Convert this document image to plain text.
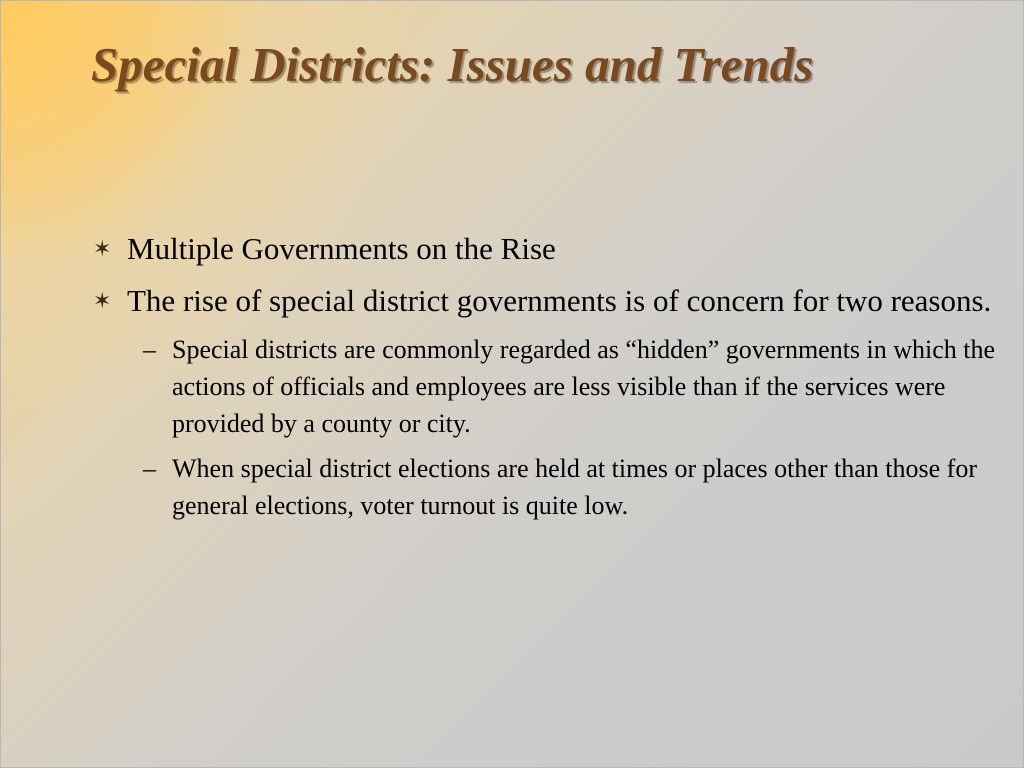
Special Districts: Issues and Trends
✶ Multiple Governments on the Rise
✶ The rise of special district governments is of concern for two reasons.
– Special districts are commonly regarded as “hidden” governments in which the actions of officials and employees are less visible than if the services were provided by a county or city.
– When special district elections are held at times or places other than those for general elections, voter turnout is quite low.
